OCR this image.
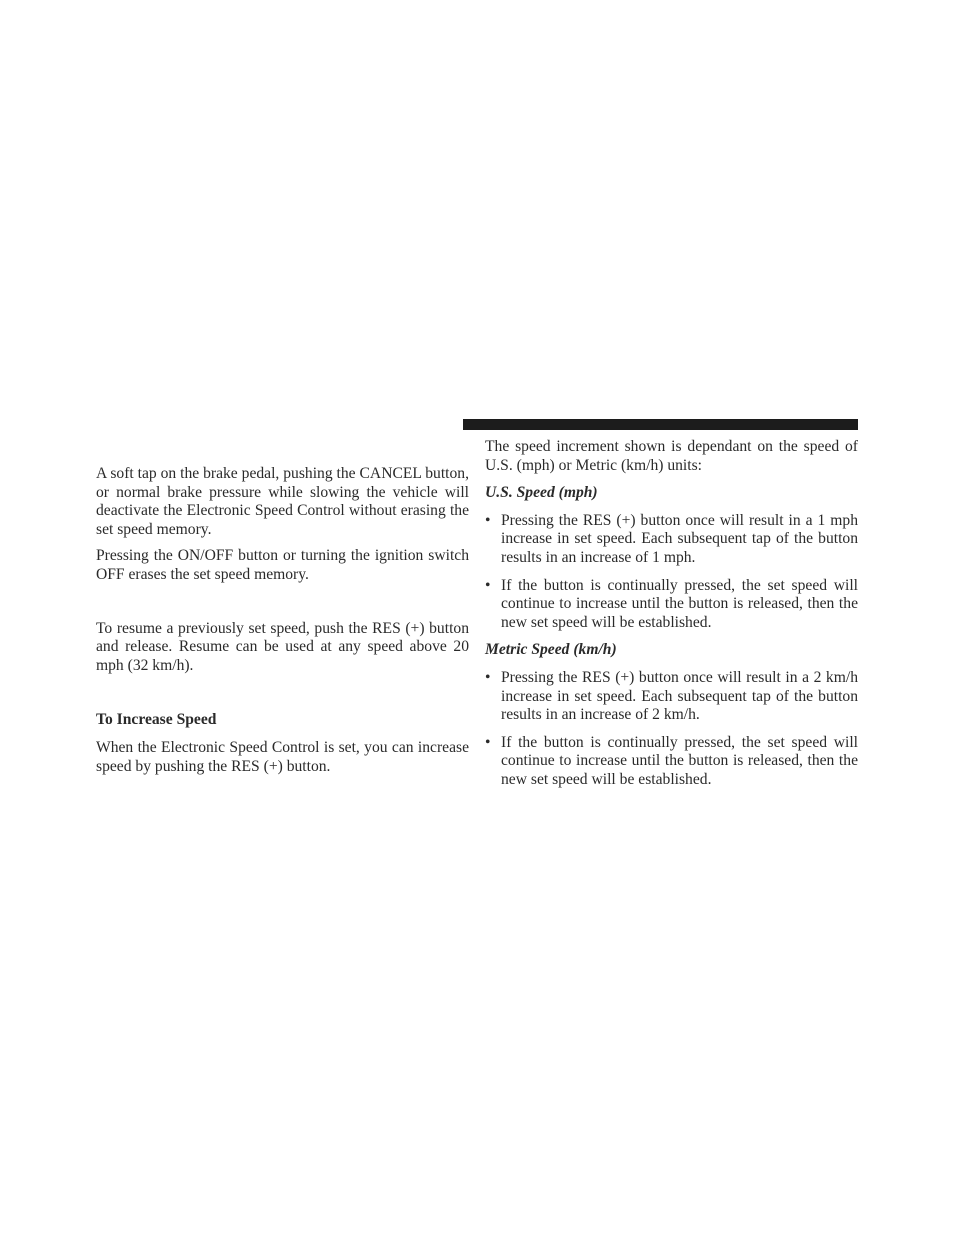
A soft tap on the brake pedal, pushing the CANCEL button, or normal brake pressure while slowing the vehicle will deactivate the Electronic Speed Control without erasing the set speed memory.

Pressing the ON/OFF button or turning the ignition switch OFF erases the set speed memory.

To resume a previously set speed, push the RES (+) button and release. Resume can be used at any speed above 20 mph (32 km/h).

To Increase Speed

When the Electronic Speed Control is set, you can increase speed by pushing the RES (+) button.

The speed increment shown is dependant on the speed of U.S. (mph) or Metric (km/h) units:

U.S. Speed (mph)

• Pressing the RES (+) button once will result in a 1 mph increase in set speed. Each subsequent tap of the button results in an increase of 1 mph.
• If the button is continually pressed, the set speed will continue to increase until the button is released, then the new set speed will be established.

Metric Speed (km/h)

• Pressing the RES (+) button once will result in a 2 km/h increase in set speed. Each subsequent tap of the button results in an increase of 2 km/h.
• If the button is continually pressed, the set speed will continue to increase until the button is released, then the new set speed will be established.
